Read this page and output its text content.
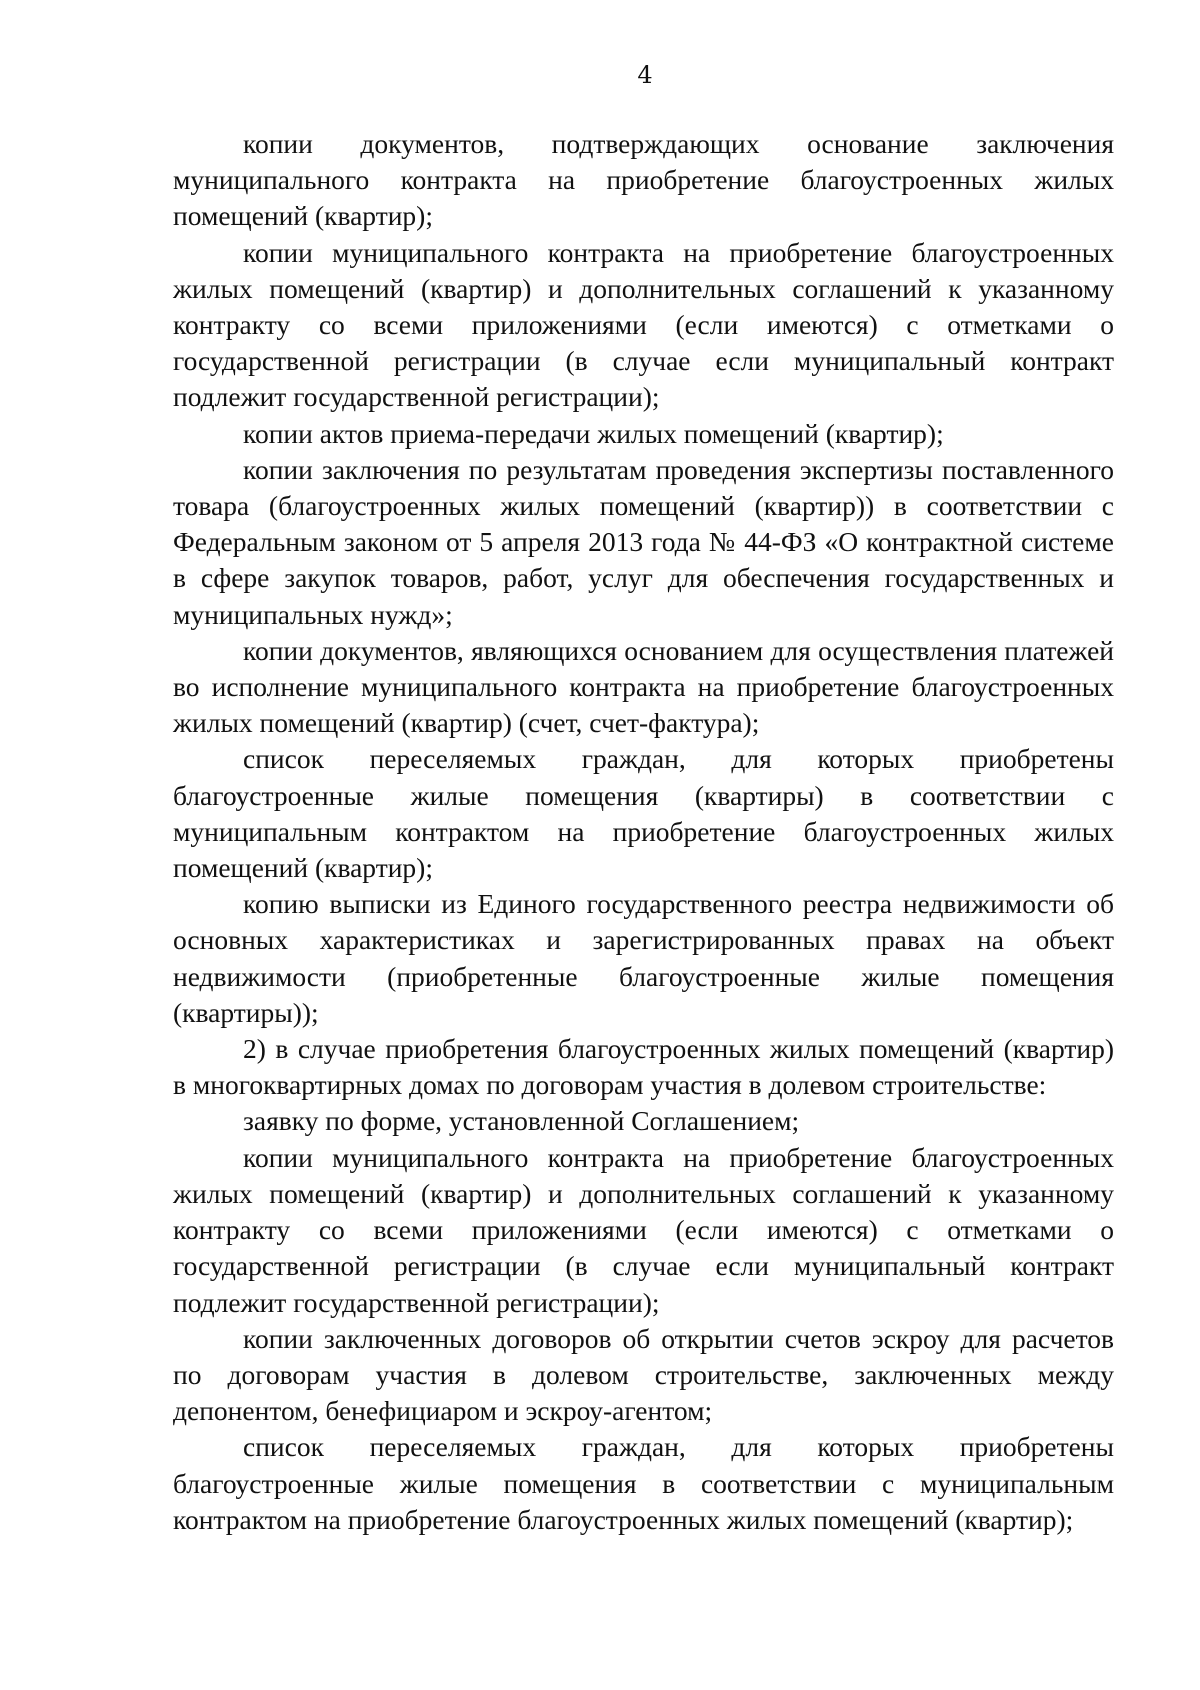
4

копии документов, подтверждающих основание заключения муниципального контракта на приобретение благоустроенных жилых помещений (квартир);

копии муниципального контракта на приобретение благоустроенных жилых помещений (квартир) и дополнительных соглашений к указанному контракту со всеми приложениями (если имеются) с отметками о государственной регистрации (в случае если муниципальный контракт подлежит государственной регистрации);

копии актов приема-передачи жилых помещений (квартир);

копии заключения по результатам проведения экспертизы поставленного товара (благоустроенных жилых помещений (квартир)) в соответствии с Федеральным законом от 5 апреля 2013 года № 44-ФЗ «О контрактной системе в сфере закупок товаров, работ, услуг для обеспечения государственных и муниципальных нужд»;

копии документов, являющихся основанием для осуществления платежей во исполнение муниципального контракта на приобретение благоустроенных жилых помещений (квартир) (счет, счет-фактура);

список переселяемых граждан, для которых приобретены благоустроенные жилые помещения (квартиры) в соответствии с муниципальным контрактом на приобретение благоустроенных жилых помещений (квартир);

копию выписки из Единого государственного реестра недвижимости об основных характеристиках и зарегистрированных правах на объект недвижимости (приобретенные благоустроенные жилые помещения (квартиры));

2) в случае приобретения благоустроенных жилых помещений (квартир) в многоквартирных домах по договорам участия в долевом строительстве:

заявку по форме, установленной Соглашением;

копии муниципального контракта на приобретение благоустроенных жилых помещений (квартир) и дополнительных соглашений к указанному контракту со всеми приложениями (если имеются) с отметками о государственной регистрации (в случае если муниципальный контракт подлежит государственной регистрации);

копии заключенных договоров об открытии счетов эскроу для расчетов по договорам участия в долевом строительстве, заключенных между депонентом, бенефициаром и эскроу-агентом;

список переселяемых граждан, для которых приобретены благоустроенные жилые помещения в соответствии с муниципальным контрактом на приобретение благоустроенных жилых помещений (квартир);
